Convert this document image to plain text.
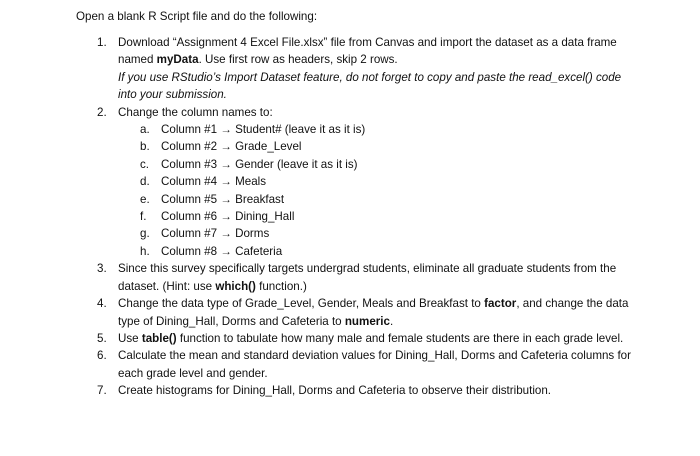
Open a blank R Script file and do the following:
1. Download “Assignment 4 Excel File.xlsx” file from Canvas and import the dataset as a data frame named myData. Use first row as headers, skip 2 rows.
If you use RStudio’s Import Dataset feature, do not forget to copy and paste the read_excel() code into your submission.
2. Change the column names to:
a. Column #1 → Student# (leave it as it is)
b. Column #2 → Grade_Level
c. Column #3 → Gender (leave it as it is)
d. Column #4 → Meals
e. Column #5 → Breakfast
f. Column #6 → Dining_Hall
g. Column #7 → Dorms
h. Column #8 → Cafeteria
3. Since this survey specifically targets undergrad students, eliminate all graduate students from the dataset. (Hint: use which() function.)
4. Change the data type of Grade_Level, Gender, Meals and Breakfast to factor, and change the data type of Dining_Hall, Dorms and Cafeteria to numeric.
5. Use table() function to tabulate how many male and female students are there in each grade level.
6. Calculate the mean and standard deviation values for Dining_Hall, Dorms and Cafeteria columns for each grade level and gender.
7. Create histograms for Dining_Hall, Dorms and Cafeteria to observe their distribution.
